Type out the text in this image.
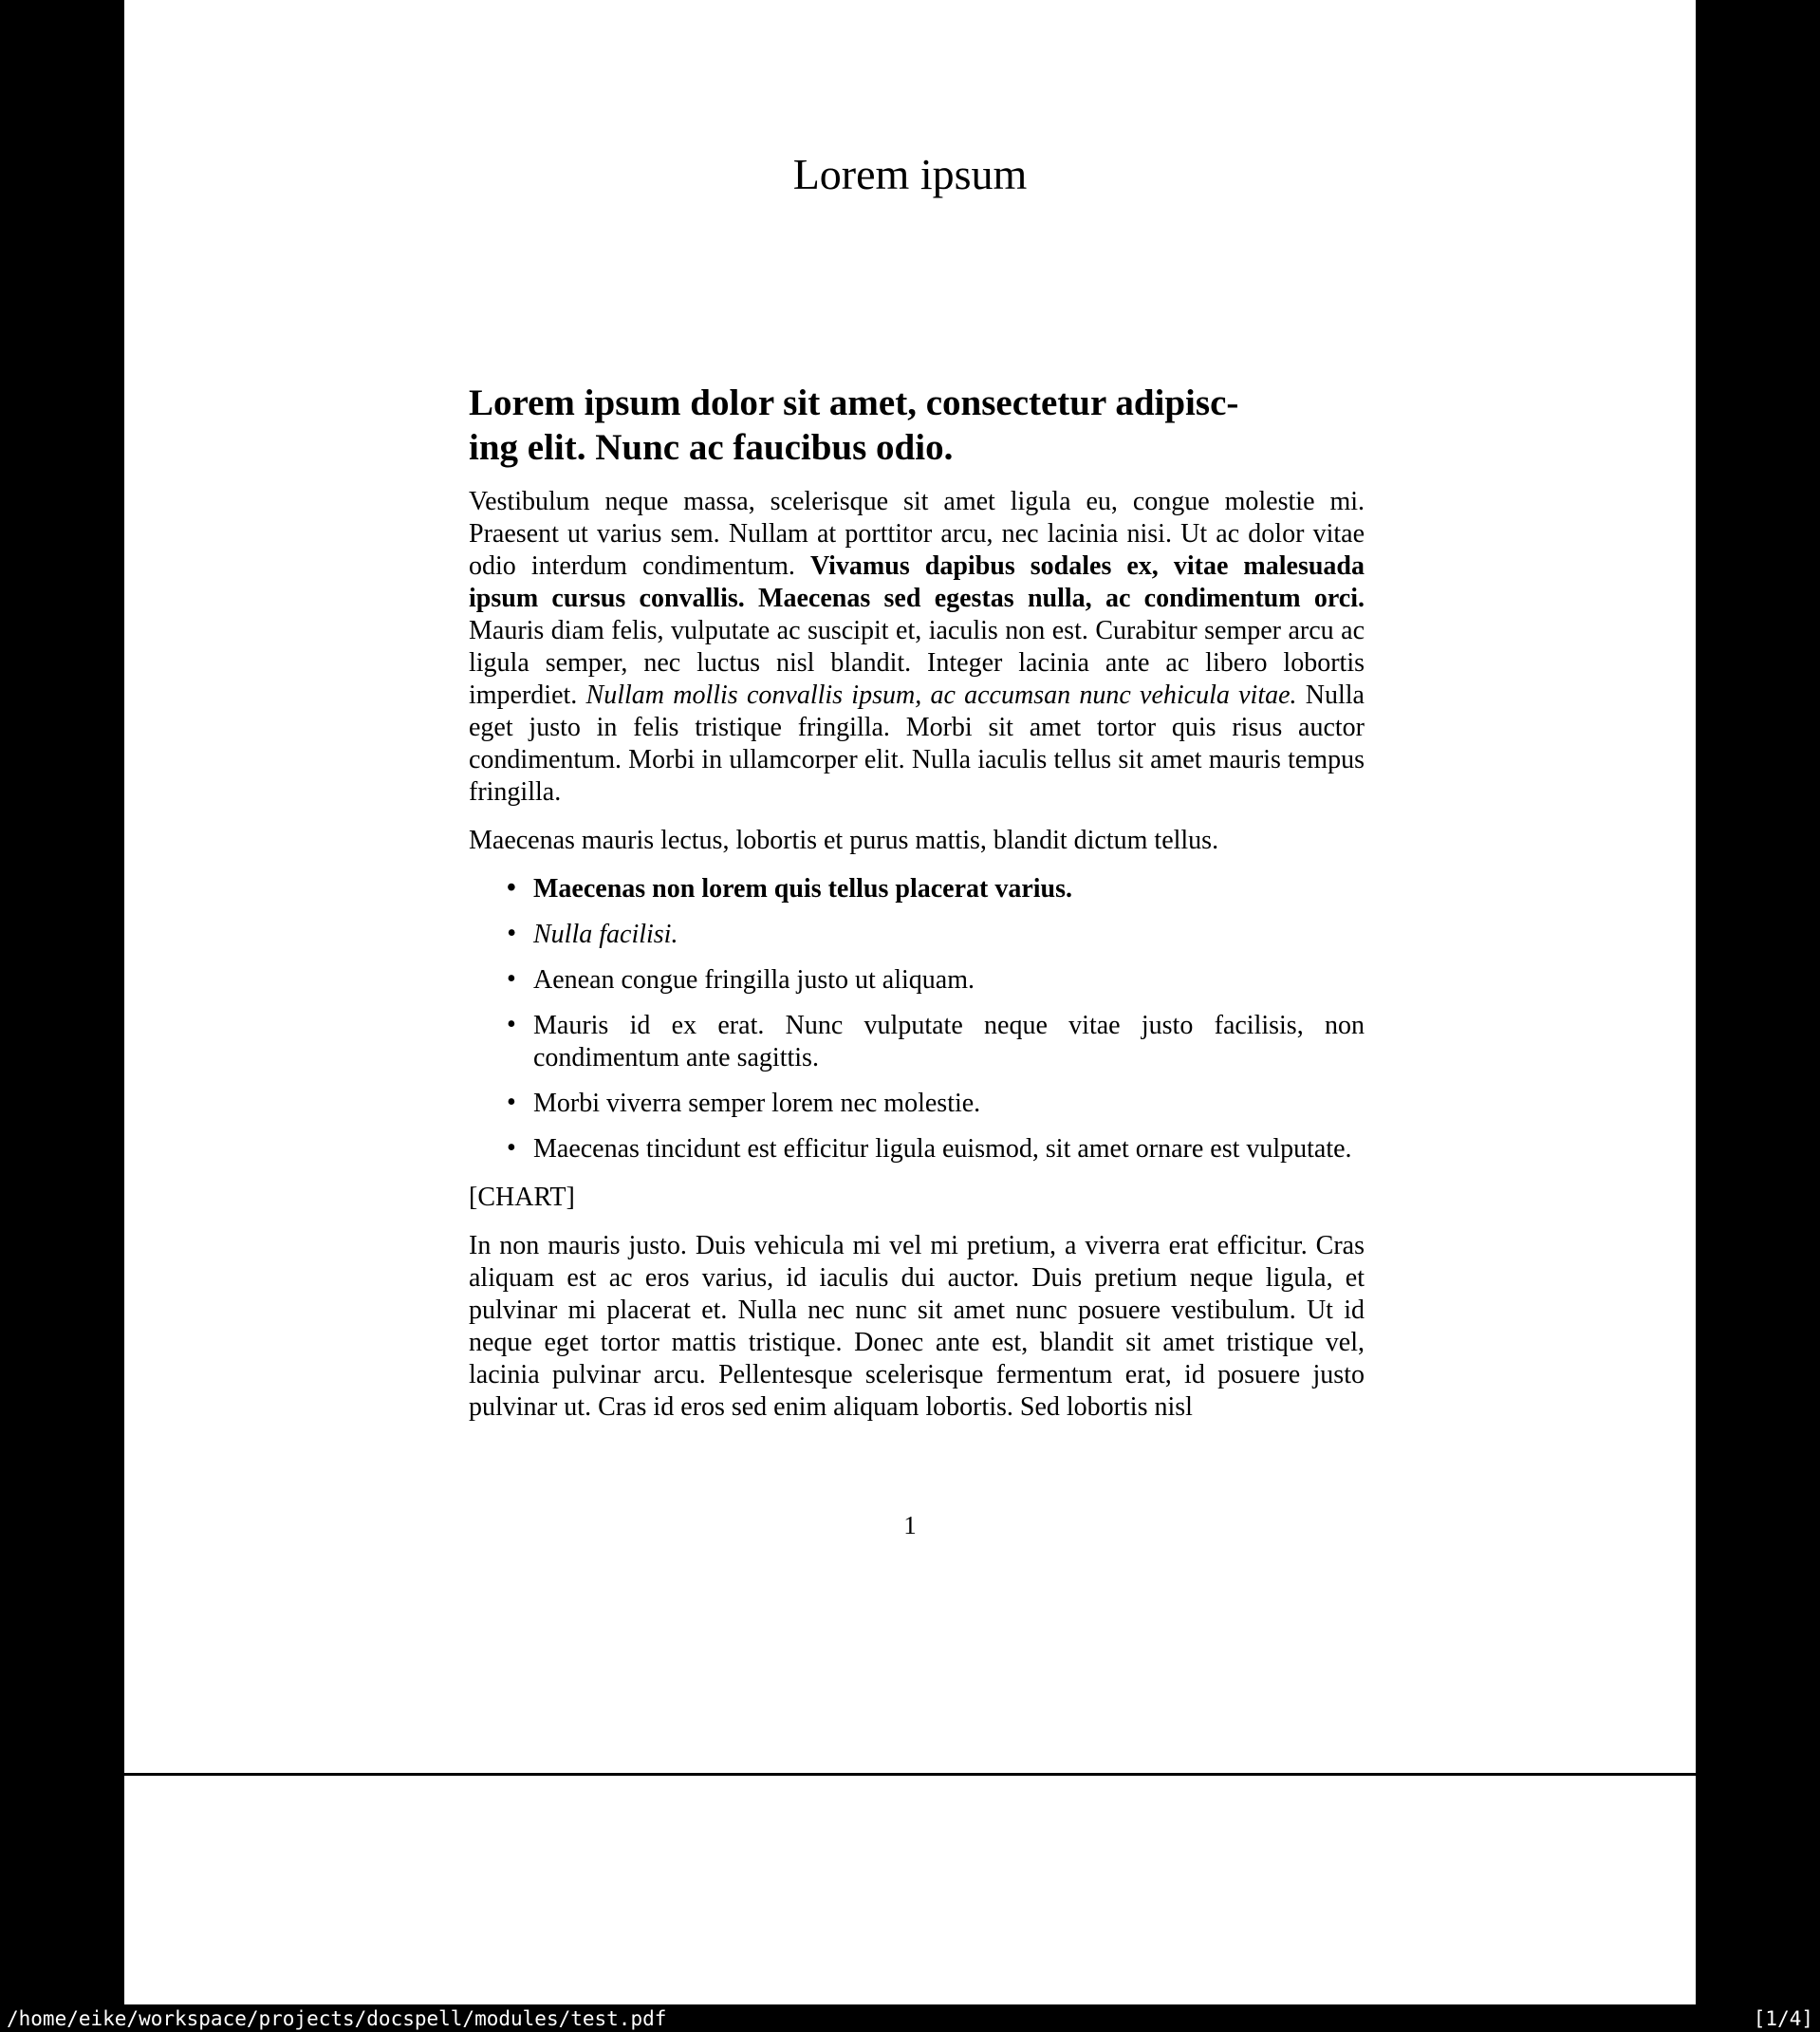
Lorem ipsum
Lorem ipsum dolor sit amet, consectetur adipisc-
ing elit. Nunc ac faucibus odio.

Vestibulum neque massa, scelerisque sit amet ligula eu, congue molestie mi. Praesent ut varius sem. Nullam at porttitor arcu, nec lacinia nisi. Ut ac dolor vitae odio interdum condimentum. Vivamus dapibus sodales ex, vitae malesuada ipsum cursus convallis. Maecenas sed egestas nulla, ac condimentum orci. Mauris diam felis, vulputate ac suscipit et, iaculis non est. Curabitur semper arcu ac ligula semper, nec luctus nisl blandit. Integer lacinia ante ac libero lobortis imperdiet. Nullam mollis convallis ipsum, ac accumsan nunc vehicula vitae. Nulla eget justo in felis tristique fringilla. Morbi sit amet tortor quis risus auctor condimentum. Morbi in ullamcorper elit. Nulla iaculis tellus sit amet mauris tempus fringilla.

Maecenas mauris lectus, lobortis et purus mattis, blandit dictum tellus.

• Maecenas non lorem quis tellus placerat varius.
• Nulla facilisi.
• Aenean congue fringilla justo ut aliquam.
• Mauris id ex erat. Nunc vulputate neque vitae justo facilisis, non condimentum ante sagittis.
• Morbi viverra semper lorem nec molestie.
• Maecenas tincidunt est efficitur ligula euismod, sit amet ornare est vulputate.

[CHART]

In non mauris justo. Duis vehicula mi vel mi pretium, a viverra erat efficitur. Cras aliquam est ac eros varius, id iaculis dui auctor. Duis pretium neque ligula, et pulvinar mi placerat et. Nulla nec nunc sit amet nunc posuere vestibulum. Ut id neque eget tortor mattis tristique. Donec ante est, blandit sit amet tristique vel, lacinia pulvinar arcu. Pellentesque scelerisque fermentum erat, id posuere justo pulvinar ut. Cras id eros sed enim aliquam lobortis. Sed lobortis nisl

1
/home/eike/workspace/projects/docspell/modules/test.pdf	[1/4]
